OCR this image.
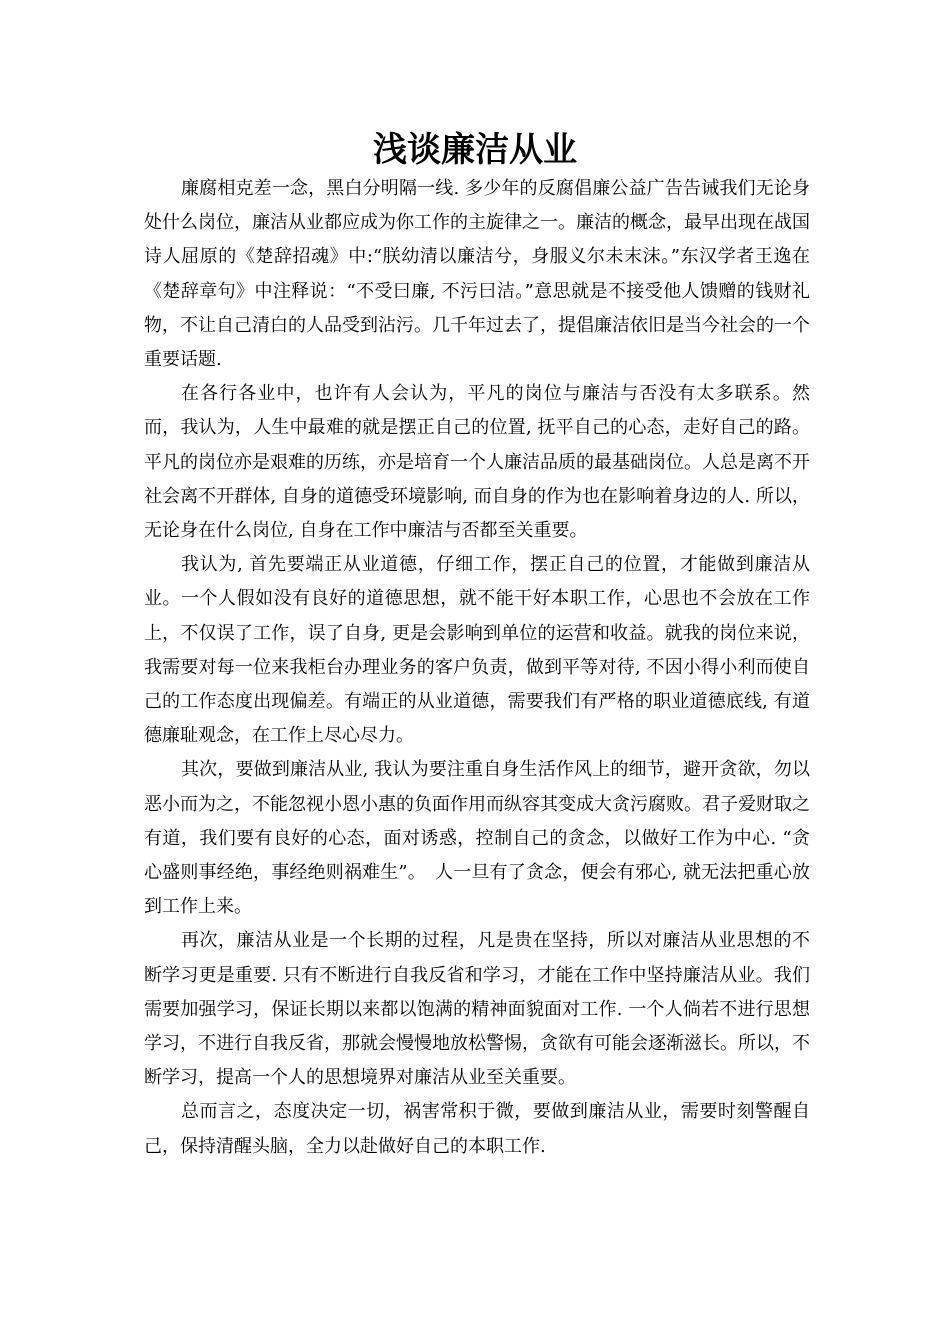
浅谈廉洁从业

廉腐相克差一念，黑白分明隔一线. 多少年的反腐倡廉公益广告告诫我们无论身处什么岗位，廉洁从业都应成为你工作的主旋律之一。廉洁的概念，最早出现在战国诗人屈原的《楚辞招魂》中:“朕幼清以廉洁兮，身服义尔未末沫。”东汉学者王逸在《楚辞章句》中注释说：“不受曰廉, 不污曰洁。”意思就是不接受他人馈赠的钱财礼物，不让自己清白的人品受到沾污。几千年过去了，提倡廉洁依旧是当今社会的一个重要话题.

在各行各业中，也许有人会认为，平凡的岗位与廉洁与否没有太多联系。然而，我认为，人生中最难的就是摆正自己的位置, 抚平自己的心态，走好自己的路。平凡的岗位亦是艰难的历练，亦是培育一个人廉洁品质的最基础岗位。人总是离不开社会离不开群体, 自身的道德受环境影响, 而自身的作为也在影响着身边的人. 所以，无论身在什么岗位, 自身在工作中廉洁与否都至关重要。

我认为, 首先要端正从业道德，仔细工作，摆正自己的位置，才能做到廉洁从业。一个人假如没有良好的道德思想，就不能干好本职工作，心思也不会放在工作上，不仅误了工作，误了自身, 更是会影响到单位的运营和收益。就我的岗位来说，我需要对每一位来我柜台办理业务的客户负责，做到平等对待, 不因小得小利而使自己的工作态度出现偏差。有端正的从业道德，需要我们有严格的职业道德底线, 有道德廉耻观念，在工作上尽心尽力。

其次，要做到廉洁从业, 我认为要注重自身生活作风上的细节，避开贪欲，勿以恶小而为之，不能忽视小恩小惠的负面作用而纵容其变成大贪污腐败。君子爱财取之有道，我们要有良好的心态，面对诱惑，控制自己的贪念，以做好工作为中心. “贪心盛则事经绝，事经绝则祸难生”。　人一旦有了贪念，便会有邪心, 就无法把重心放到工作上来。

再次，廉洁从业是一个长期的过程，凡是贵在坚持，所以对廉洁从业思想的不断学习更是重要. 只有不断进行自我反省和学习，才能在工作中坚持廉洁从业。我们需要加强学习，保证长期以来都以饱满的精神面貌面对工作. 一个人倘若不进行思想学习，不进行自我反省，那就会慢慢地放松警惕，贪欲有可能会逐渐滋长。所以，不断学习，提高一个人的思想境界对廉洁从业至关重要。

总而言之，态度决定一切，祸害常积于微，要做到廉洁从业，需要时刻警醒自己，保持清醒头脑，全力以赴做好自己的本职工作.
